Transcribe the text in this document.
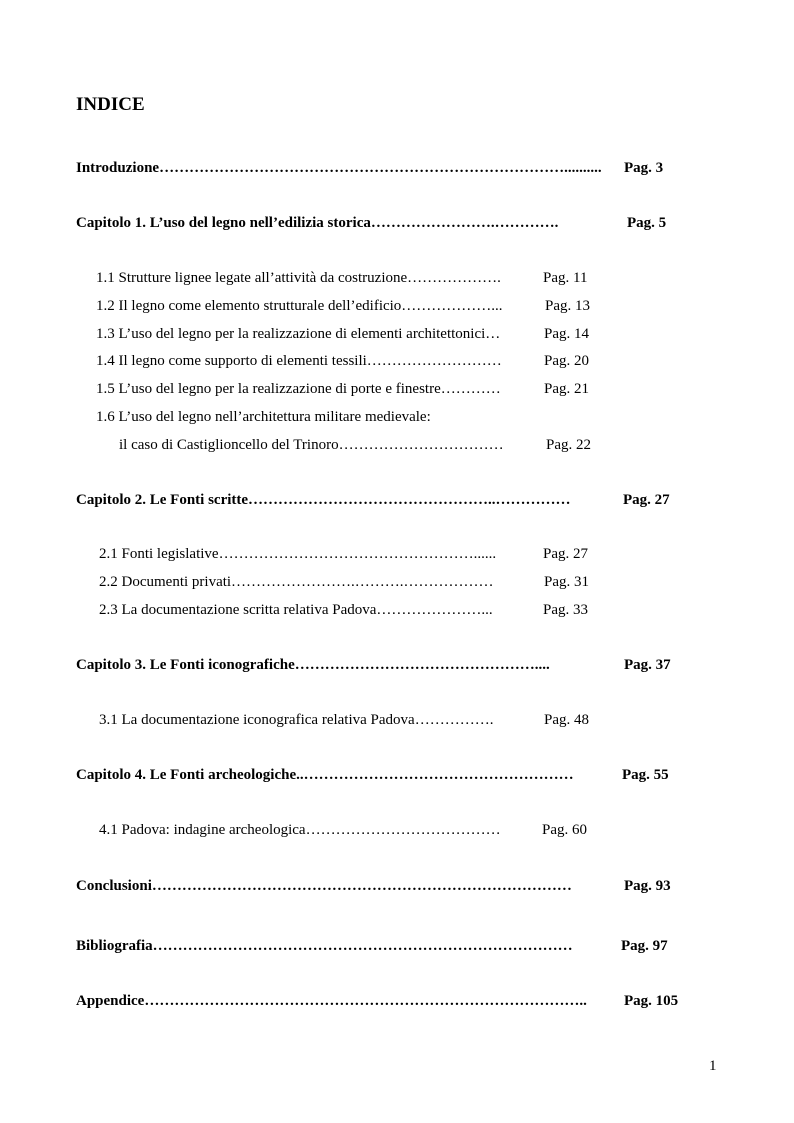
INDICE
Introduzione……………………………………………………………………….......... Pag. 3
Capitolo 1. L’uso del legno nell’edilizia storica…………………….………….	Pag. 5
1.1 Strutture lignee legate all’attività da costruzione……………….	Pag. 11
1.2 Il legno come elemento strutturale dell’edificio………………...	Pag. 13
1.3 L’uso del legno per la realizzazione di elementi architettonici…	Pag. 14
1.4 Il legno come supporto di elementi tessili………………………	Pag. 20
1.5 L’uso del legno per la realizzazione di porte e finestre…………	Pag. 21
1.6 L’uso del legno nell’architettura militare medievale:
il caso di Castiglioncello del Trinoro……………………………	Pag. 22
Capitolo 2. Le Fonti scritte…………………………………………..……………	Pag. 27
2.1 Fonti legislative……………………………………………......	Pag. 27
2.2 Documenti privati…………………….……….………………	Pag. 31
2.3 La documentazione scritta relativa Padova…………………...	Pag. 33
Capitolo 3. Le Fonti iconografiche…………………………………………....	Pag. 37
3.1 La documentazione iconografica relativa Padova…………….	Pag. 48
Capitolo 4. Le Fonti archeologiche..………………………………………………	Pag. 55
4.1 Padova: indagine archeologica…………………………………	Pag. 60
Conclusioni…………………………………………………………………………	Pag. 93
Bibliografia…………………………………………………………………………	Pag. 97
Appendice…………………………………………………………………………….. Pag. 105
1
